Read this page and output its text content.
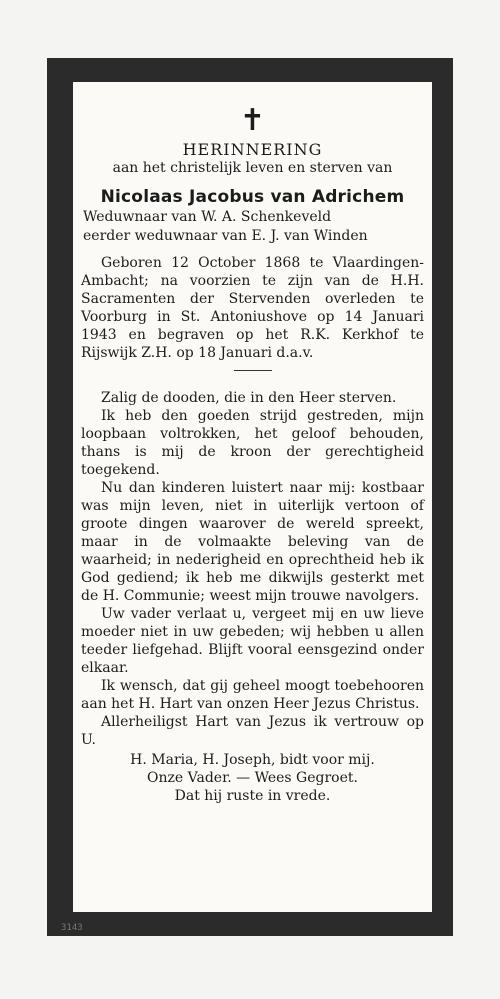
✝
HERINNERING
aan het christelijk leven en sterven van
Nicolaas Jacobus van Adrichem
Weduwnaar van W. A. Schenkeveld
eerder weduwnaar van E. J. van Winden

Geboren 12 October 1868 te Vlaardingen-Ambacht; na voorzien te zijn van de H.H. Sacramenten der Stervenden overleden te Voorburg in St. Antoniushove op 14 Januari 1943 en begraven op het R.K. Kerkhof te Rijswijk Z.H. op 18 Januari d.a.v.

Zalig de dooden, die in den Heer sterven.

Ik heb den goeden strijd gestreden, mijn loopbaan voltrokken, het geloof behouden, thans is mij de kroon der gerechtigheid toegekend.

Nu dan kinderen luistert naar mij: kostbaar was mijn leven, niet in uiterlijk vertoon of groote dingen waarover de wereld spreekt, maar in de volmaakte beleving van de waarheid; in nederigheid en oprechtheid heb ik God gediend; ik heb me dikwijls gesterkt met de H. Communie; weest mijn trouwe navolgers.

Uw vader verlaat u, vergeet mij en uw lieve moeder niet in uw gebeden; wij hebben u allen teeder liefgehad. Blijft vooral eensgezind onder elkaar.

Ik wensch, dat gij geheel moogt toebehooren aan het H. Hart van onzen Heer Jezus Christus.

Allerheiligst Hart van Jezus ik vertrouw op U.

H. Maria, H. Joseph, bidt voor mij.

Onze Vader. — Wees Gegroet.

Dat hij ruste in vrede.

3143
